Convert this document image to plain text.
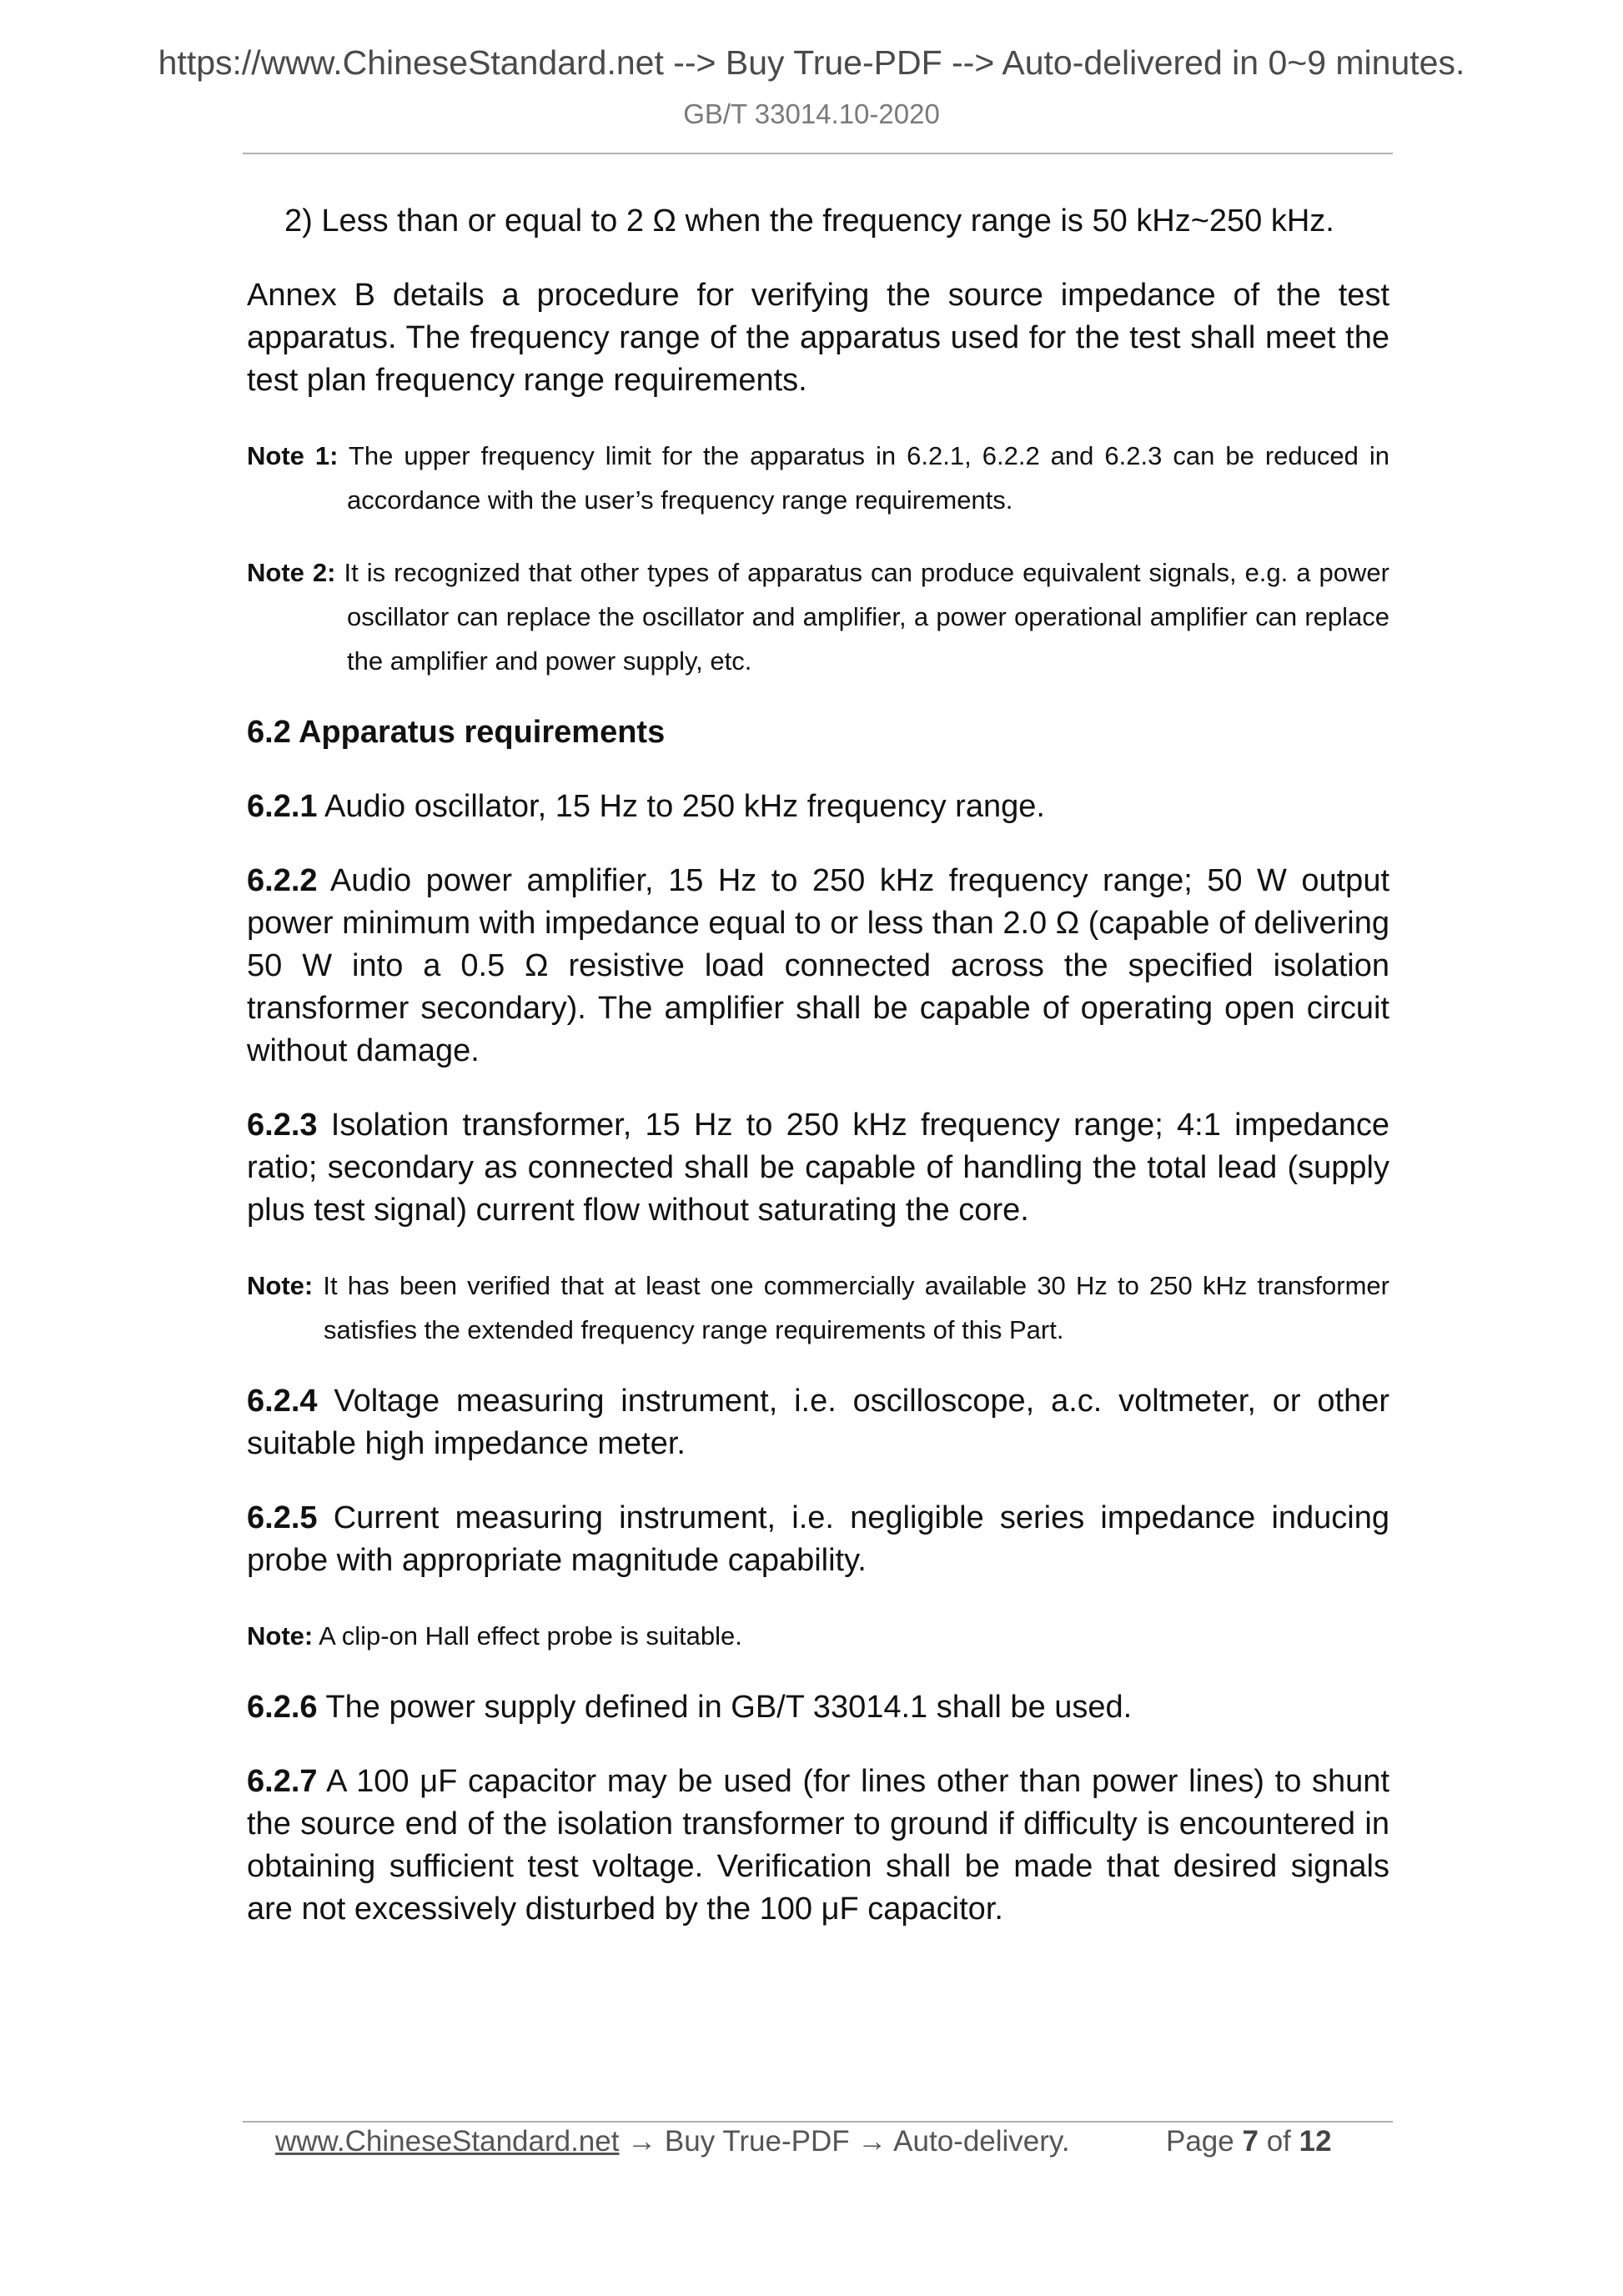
https://www.ChineseStandard.net --> Buy True-PDF --> Auto-delivered in 0~9 minutes.
GB/T 33014.10-2020

2) Less than or equal to 2 Ω when the frequency range is 50 kHz~250 kHz.

Annex B details a procedure for verifying the source impedance of the test apparatus. The frequency range of the apparatus used for the test shall meet the test plan frequency range requirements.

Note 1: The upper frequency limit for the apparatus in 6.2.1, 6.2.2 and 6.2.3 can be reduced in accordance with the user’s frequency range requirements.

Note 2: It is recognized that other types of apparatus can produce equivalent signals, e.g. a power oscillator can replace the oscillator and amplifier, a power operational amplifier can replace the amplifier and power supply, etc.

6.2 Apparatus requirements

6.2.1 Audio oscillator, 15 Hz to 250 kHz frequency range.

6.2.2 Audio power amplifier, 15 Hz to 250 kHz frequency range; 50 W output power minimum with impedance equal to or less than 2.0 Ω (capable of delivering 50 W into a 0.5 Ω resistive load connected across the specified isolation transformer secondary). The amplifier shall be capable of operating open circuit without damage.

6.2.3 Isolation transformer, 15 Hz to 250 kHz frequency range; 4:1 impedance ratio; secondary as connected shall be capable of handling the total lead (supply plus test signal) current flow without saturating the core.

Note: It has been verified that at least one commercially available 30 Hz to 250 kHz transformer satisfies the extended frequency range requirements of this Part.

6.2.4 Voltage measuring instrument, i.e. oscilloscope, a.c. voltmeter, or other suitable high impedance meter.

6.2.5 Current measuring instrument, i.e. negligible series impedance inducing probe with appropriate magnitude capability.

Note: A clip-on Hall effect probe is suitable.

6.2.6 The power supply defined in GB/T 33014.1 shall be used.

6.2.7 A 100 μF capacitor may be used (for lines other than power lines) to shunt the source end of the isolation transformer to ground if difficulty is encountered in obtaining sufficient test voltage. Verification shall be made that desired signals are not excessively disturbed by the 100 μF capacitor.

www.ChineseStandard.net → Buy True-PDF → Auto-delivery.	Page 7 of 12
